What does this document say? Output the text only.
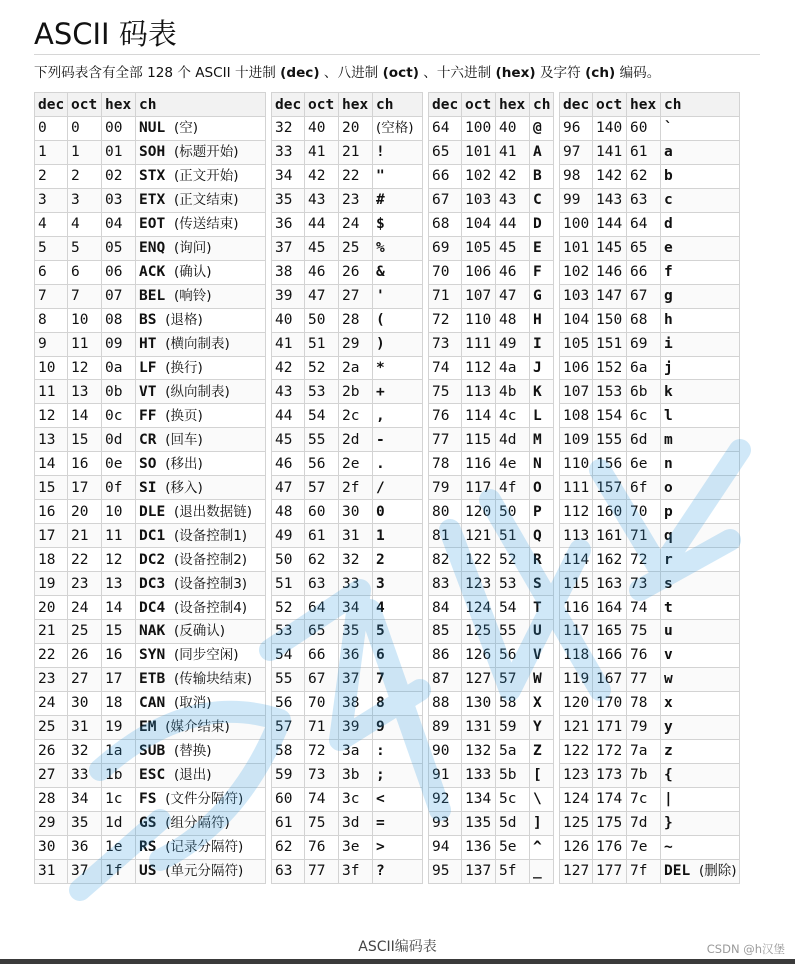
ASCII 码表

下列码表含有全部 128 个 ASCII 十进制 (dec) 、八进制 (oct) 、十六进制 (hex) 及字符 (ch) 编码。

dec	oct	hex	ch
0	0	00	NUL (空)
1	1	01	SOH (标题开始)
2	2	02	STX (正文开始)
3	3	03	ETX (正文结束)
4	4	04	EOT (传送结束)
5	5	05	ENQ (询问)
6	6	06	ACK (确认)
7	7	07	BEL (响铃)
8	10	08	BS (退格)
9	11	09	HT (横向制表)
10	12	0a	LF (换行)
11	13	0b	VT (纵向制表)
12	14	0c	FF (换页)
13	15	0d	CR (回车)
14	16	0e	SO (移出)
15	17	0f	SI (移入)
16	20	10	DLE (退出数据链)
17	21	11	DC1 (设备控制1)
18	22	12	DC2 (设备控制2)
19	23	13	DC3 (设备控制3)
20	24	14	DC4 (设备控制4)
21	25	15	NAK (反确认)
22	26	16	SYN (同步空闲)
23	27	17	ETB (传输块结束)
24	30	18	CAN (取消)
25	31	19	EM (媒介结束)
26	32	1a	SUB (替换)
27	33	1b	ESC (退出)
28	34	1c	FS (文件分隔符)
29	35	1d	GS (组分隔符)
30	36	1e	RS (记录分隔符)
31	37	1f	US (单元分隔符)
dec	oct	hex	ch
32	40	20	(空格)
33	41	21	!
34	42	22	"
35	43	23	#
36	44	24	$
37	45	25	%
38	46	26	&
39	47	27	'
40	50	28	(
41	51	29	)
42	52	2a	*
43	53	2b	+
44	54	2c	,
45	55	2d	-
46	56	2e	.
47	57	2f	/
48	60	30	0
49	61	31	1
50	62	32	2
51	63	33	3
52	64	34	4
53	65	35	5
54	66	36	6
55	67	37	7
56	70	38	8
57	71	39	9
58	72	3a	:
59	73	3b	;
60	74	3c	<
61	75	3d	=
62	76	3e	>
63	77	3f	?
dec	oct	hex	ch
64	100	40	@
65	101	41	A
66	102	42	B
67	103	43	C
68	104	44	D
69	105	45	E
70	106	46	F
71	107	47	G
72	110	48	H
73	111	49	I
74	112	4a	J
75	113	4b	K
76	114	4c	L
77	115	4d	M
78	116	4e	N
79	117	4f	O
80	120	50	P
81	121	51	Q
82	122	52	R
83	123	53	S
84	124	54	T
85	125	55	U
86	126	56	V
87	127	57	W
88	130	58	X
89	131	59	Y
90	132	5a	Z
91	133	5b	[
92	134	5c	\
93	135	5d	]
94	136	5e	^
95	137	5f	_
dec	oct	hex	ch
96	140	60	`
97	141	61	a
98	142	62	b
99	143	63	c
100	144	64	d
101	145	65	e
102	146	66	f
103	147	67	g
104	150	68	h
105	151	69	i
106	152	6a	j
107	153	6b	k
108	154	6c	l
109	155	6d	m
110	156	6e	n
111	157	6f	o
112	160	70	p
113	161	71	q
114	162	72	r
115	163	73	s
116	164	74	t
117	165	75	u
118	166	76	v
119	167	77	w
120	170	78	x
121	171	79	y
122	172	7a	z
123	173	7b	{
124	174	7c	|
125	175	7d	}
126	176	7e	~
127	177	7f	DEL (删除)
ASCII编码表	CSDN @h汉堡
